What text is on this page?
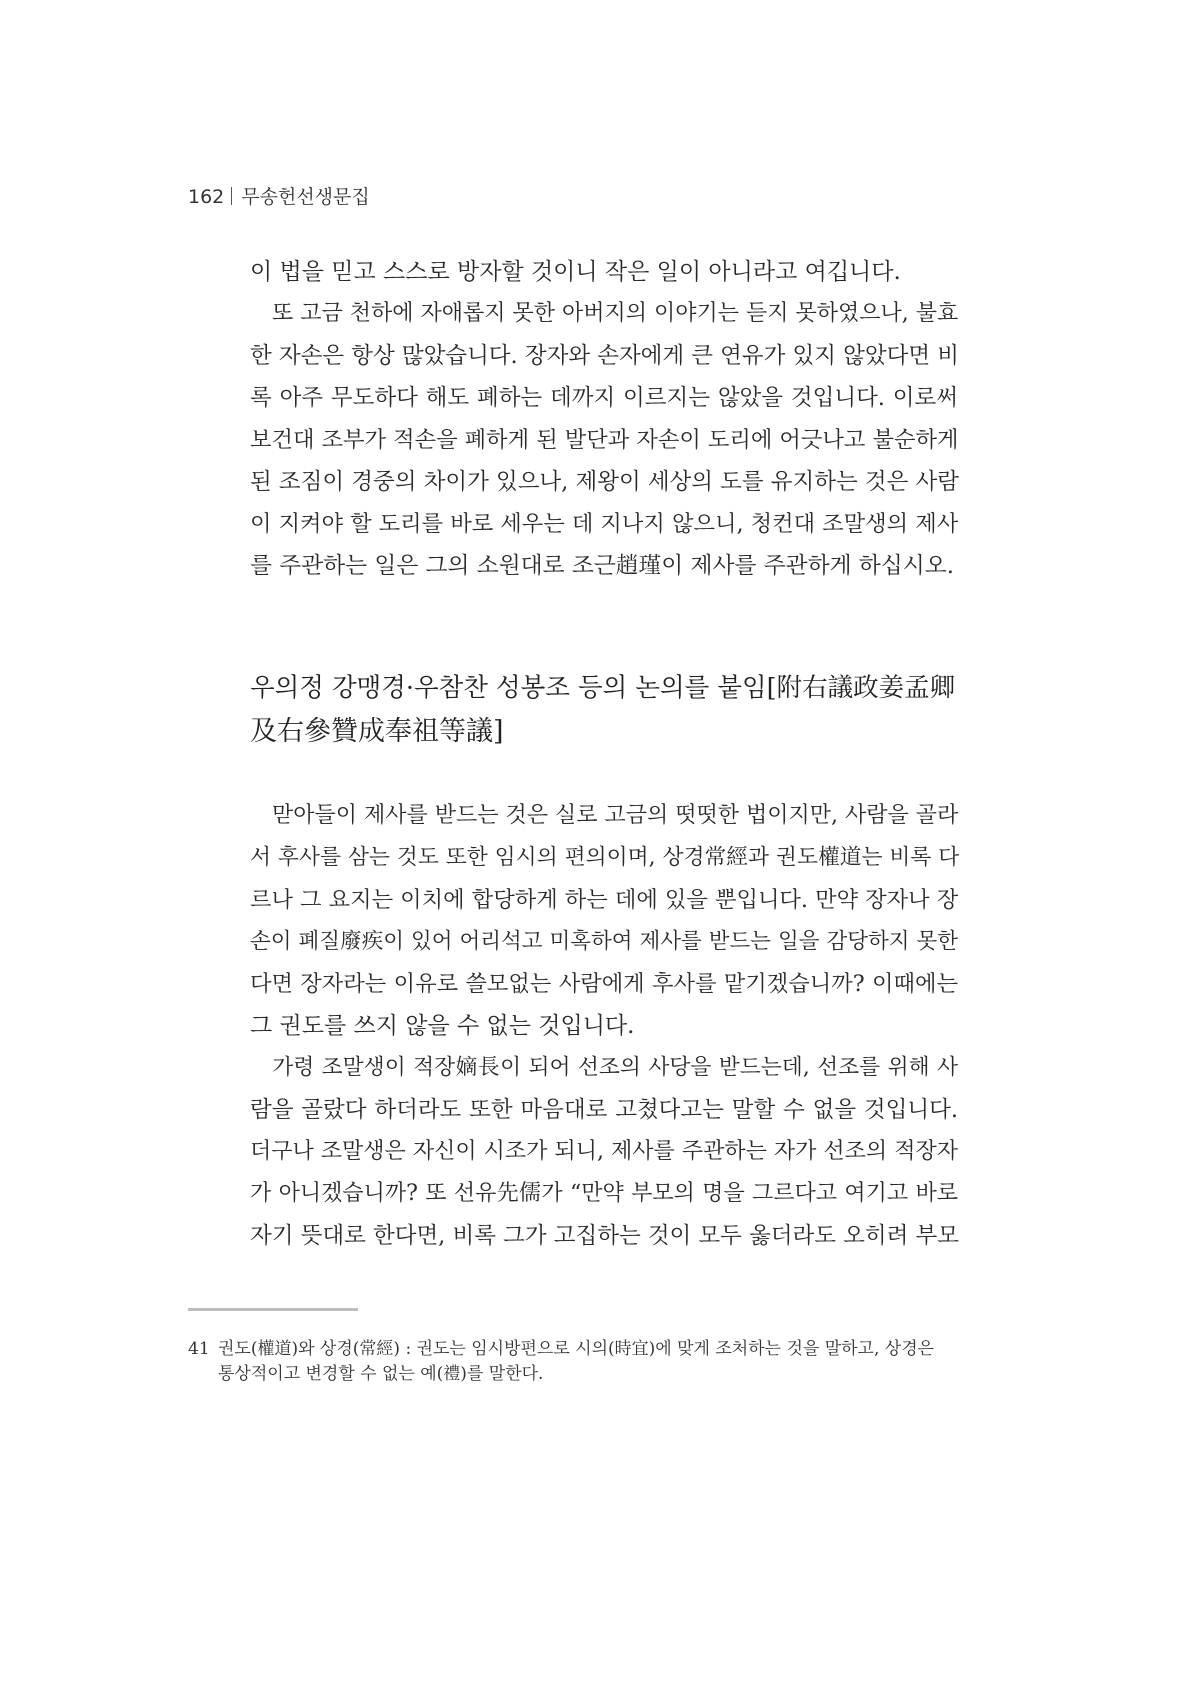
162 무송헌선생문집
이 법을 믿고 스스로 방자할 것이니 작은 일이 아니라고 여깁니다.
　또 고금 천하에 자애롭지 못한 아버지의 이야기는 듣지 못하였으나, 불효
한 자손은 항상 많았습니다. 장자와 손자에게 큰 연유가 있지 않았다면 비
록 아주 무도하다 해도 폐하는 데까지 이르지는 않았을 것입니다. 이로써
보건대 조부가 적손을 폐하게 된 발단과 자손이 도리에 어긋나고 불순하게
된 조짐이 경중의 차이가 있으나, 제왕이 세상의 도를 유지하는 것은 사람
이 지켜야 할 도리를 바로 세우는 데 지나지 않으니, 청컨대 조말생의 제사
를 주관하는 일은 그의 소원대로 조근趙瑾이 제사를 주관하게 하십시오.
우의정 강맹경·우참찬 성봉조 등의 논의를 붙임[附右議政姜孟卿
及右參贊成奉祖等議]
　맏아들이 제사를 받드는 것은 실로 고금의 떳떳한 법이지만, 사람을 골라
서 후사를 삼는 것도 또한 임시의 편의이며, 상경常經과 권도權道는 비록 다
르나 그 요지는 이치에 합당하게 하는 데에 있을 뿐입니다. 만약 장자나 장
손이 폐질廢疾이 있어 어리석고 미혹하여 제사를 받드는 일을 감당하지 못한
다면 장자라는 이유로 쓸모없는 사람에게 후사를 맡기겠습니까? 이때에는
그 권도를 쓰지 않을 수 없는 것입니다.
　가령 조말생이 적장嫡長이 되어 선조의 사당을 받드는데, 선조를 위해 사
람을 골랐다 하더라도 또한 마음대로 고쳤다고는 말할 수 없을 것입니다.
더구나 조말생은 자신이 시조가 되니, 제사를 주관하는 자가 선조의 적장자
가 아니겠습니까? 또 선유先儒가 “만약 부모의 명을 그르다고 여기고 바로
자기 뜻대로 한다면, 비록 그가 고집하는 것이 모두 옳더라도 오히려 부모
41 권도(權道)와 상경(常經) : 권도는 임시방편으로 시의(時宜)에 맞게 조처하는 것을 말하고, 상경은
통상적이고 변경할 수 없는 예(禮)를 말한다.
